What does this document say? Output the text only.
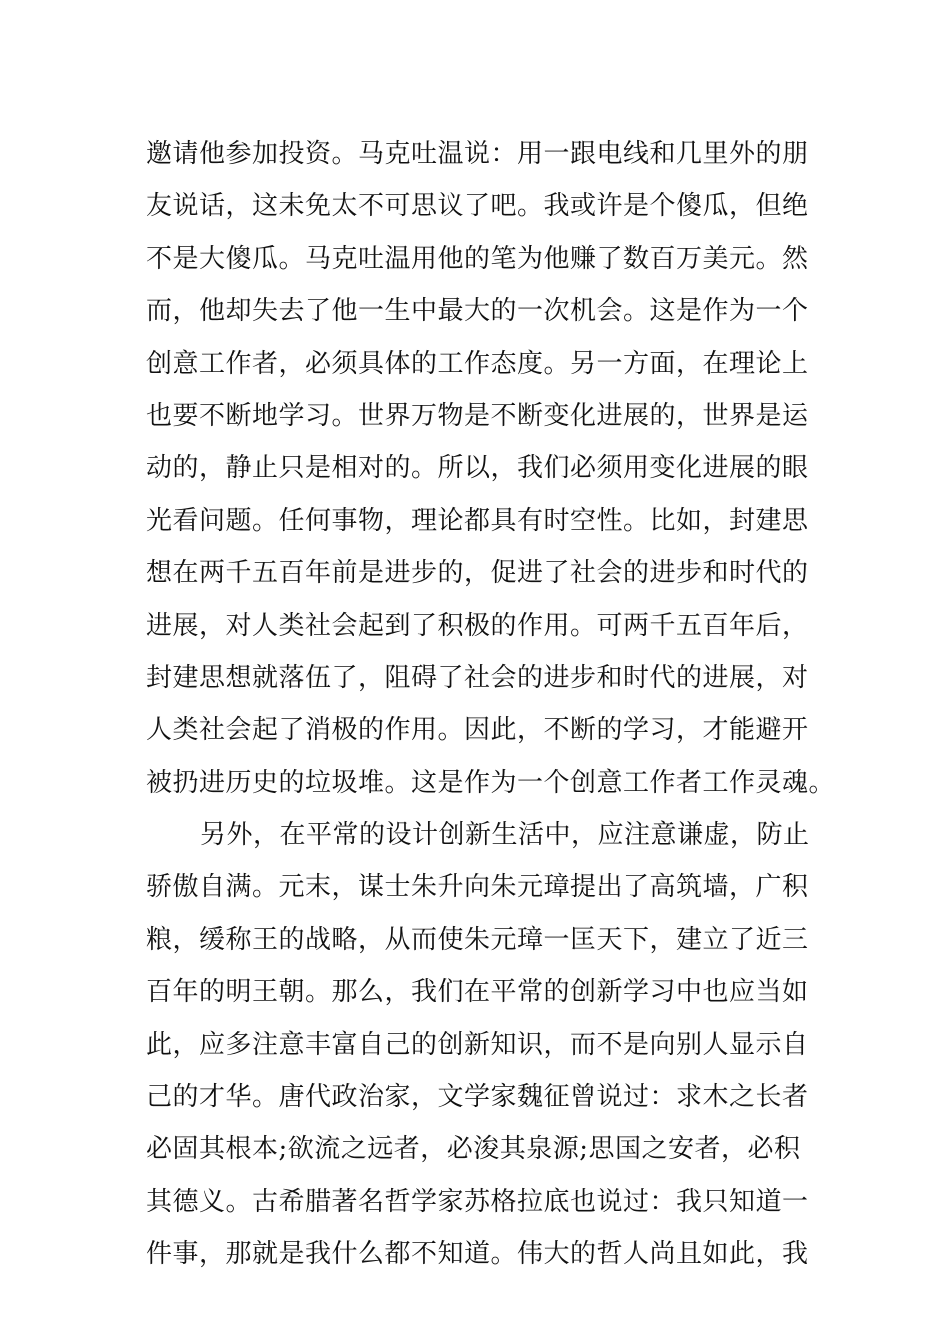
邀请他参加投资。马克吐温说：用一跟电线和几里外的朋
友说话，这未免太不可思议了吧。我或许是个傻瓜，但绝
不是大傻瓜。马克吐温用他的笔为他赚了数百万美元。然
而，他却失去了他一生中最大的一次机会。这是作为一个
创意工作者，必须具体的工作态度。另一方面，在理论上
也要不断地学习。世界万物是不断变化进展的，世界是运
动的，静止只是相对的。所以，我们必须用变化进展的眼
光看问题。任何事物，理论都具有时空性。比如，封建思
想在两千五百年前是进步的，促进了社会的进步和时代的
进展，对人类社会起到了积极的作用。可两千五百年后，
封建思想就落伍了，阻碍了社会的进步和时代的进展，对
人类社会起了消极的作用。因此，不断的学习，才能避开
被扔进历史的垃圾堆。这是作为一个创意工作者工作灵魂。
另外，在平常的设计创新生活中，应注意谦虚，防止
骄傲自满。元末，谋士朱升向朱元璋提出了高筑墙，广积
粮，缓称王的战略，从而使朱元璋一匡天下，建立了近三
百年的明王朝。那么，我们在平常的创新学习中也应当如
此，应多注意丰富自己的创新知识，而不是向别人显示自
己的才华。唐代政治家，文学家魏征曾说过：求木之长者
必固其根本;欲流之远者，必浚其泉源;思国之安者，必积
其德义。古希腊著名哲学家苏格拉底也说过：我只知道一
件事，那就是我什么都不知道。伟大的哲人尚且如此，我
